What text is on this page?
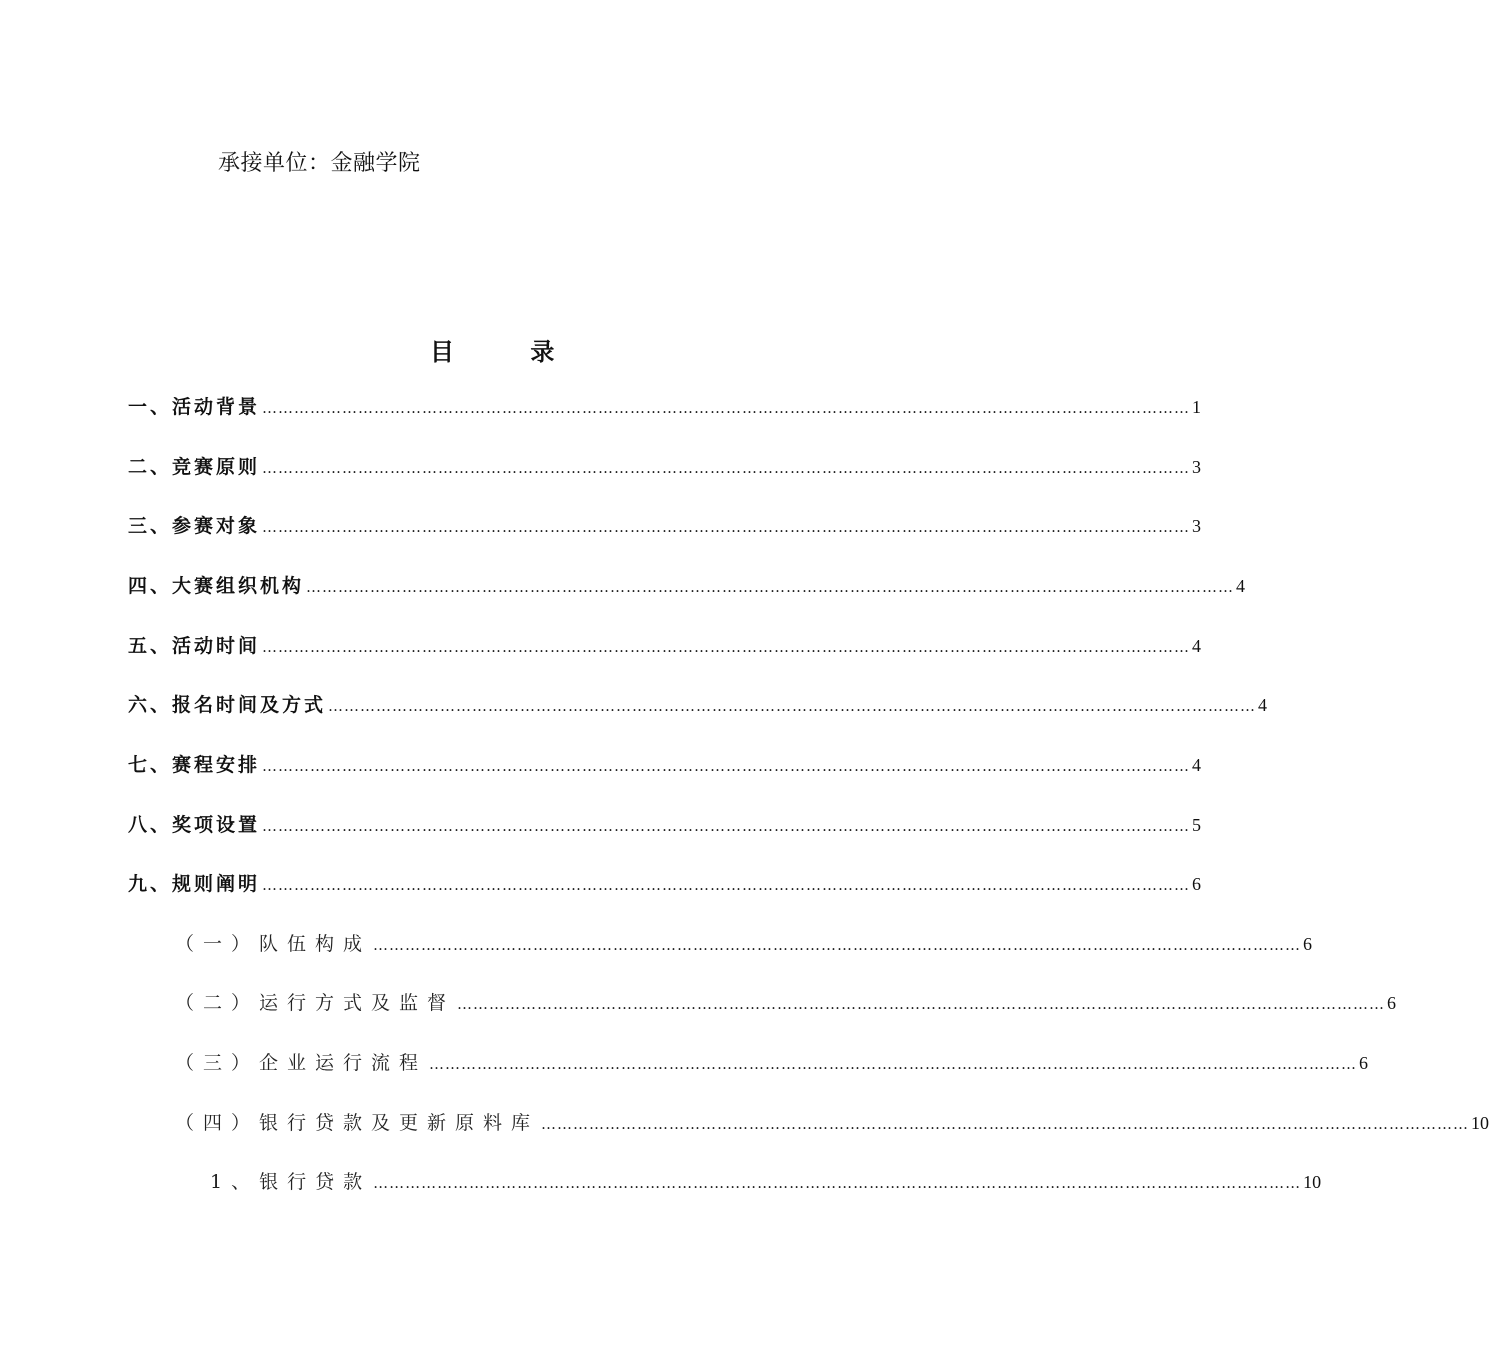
承接单位：金融学院
目 录
一、活动背景 ………………………………………………………………………………………………………………………………………………………… 1
二、竞赛原则 ………………………………………………………………………………………………………………………………………………………… 3
三、参赛对象 ………………………………………………………………………………………………………………………………………………………… 3
四、大赛组织机构 ………………………………………………………………………………………………………………………………………………………… 4
五、活动时间 ………………………………………………………………………………………………………………………………………………………… 4
六、报名时间及方式 ………………………………………………………………………………………………………………………………………………………… 4
七、赛程安排 ………………………………………………………………………………………………………………………………………………………… 4
八、奖项设置 ………………………………………………………………………………………………………………………………………………………… 5
九、规则阐明 ………………………………………………………………………………………………………………………………………………………… 6
（一）队伍构成 ………………………………………………………………………………………………………………………………………………………… 6
（二）运行方式及监督 ………………………………………………………………………………………………………………………………………………………… 6
（三）企业运行流程 ………………………………………………………………………………………………………………………………………………………… 6
（四）银行贷款及更新原料库 ………………………………………………………………………………………………………………………………………………………… 10
1、银行贷款 ………………………………………………………………………………………………………………………………………………………… 10
